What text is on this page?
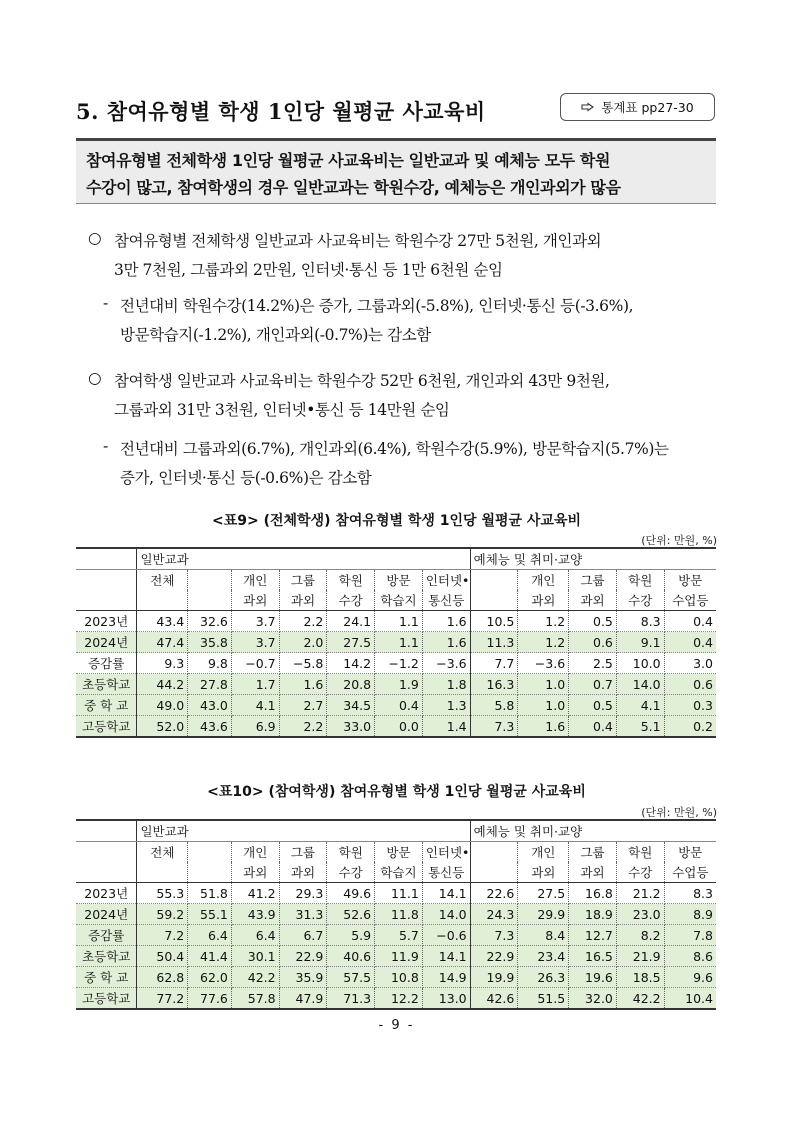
5. 참여유형별 학생 1인당 월평균 사교육비	통계표 pp27-30
참여유형별 전체학생 1인당 월평균 사교육비는 일반교과 및 예체능 모두 학원
수강이 많고, 참여학생의 경우 일반교과는 학원수강, 예체능은 개인과외가 많음
○ 참여유형별 전체학생 일반교과 사교육비는 학원수강 27만 5천원, 개인과외
3만 7천원, 그룹과외 2만원, 인터넷·통신 등 1만 6천원 순임
- 전년대비 학원수강(14.2%)은 증가, 그룹과외(-5.8%), 인터넷·통신 등(-3.6%),
방문학습지(-1.2%), 개인과외(-0.7%)는 감소함
○ 참여학생 일반교과 사교육비는 학원수강 52만 6천원, 개인과외 43만 9천원,
그룹과외 31만 3천원, 인터넷•통신 등 14만원 순임
- 전년대비 그룹과외(6.7%), 개인과외(6.4%), 학원수강(5.9%), 방문학습지(5.7%)는
증가, 인터넷·통신 등(-0.6%)은 감소함
<표9> (전체학생) 참여유형별 학생 1인당 월평균 사교육비
(단위: 만원, %)
	일반교과							예체능 및 취미·교양				
	전체		개인	그룹	학원	방문	인터넷•		개인	그룹	학원	방문
			과외	과외	수강	학습지	통신등		과외	과외	수강	수업등
2023년	43.4	32.6	3.7	2.2	24.1	1.1	1.6	10.5	1.2	0.5	8.3	0.4
2024년	47.4	35.8	3.7	2.0	27.5	1.1	1.6	11.3	1.2	0.6	9.1	0.4
증감률	9.3	9.8	−0.7	−5.8	14.2	−1.2	−3.6	7.7	−3.6	2.5	10.0	3.0
초등학교	44.2	27.8	1.7	1.6	20.8	1.9	1.8	16.3	1.0	0.7	14.0	0.6
중 학 교	49.0	43.0	4.1	2.7	34.5	0.4	1.3	5.8	1.0	0.5	4.1	0.3
고등학교	52.0	43.6	6.9	2.2	33.0	0.0	1.4	7.3	1.6	0.4	5.1	0.2
<표10> (참여학생) 참여유형별 학생 1인당 월평균 사교육비
(단위: 만원, %)
	일반교과							예체능 및 취미·교양				
	전체		개인	그룹	학원	방문	인터넷•		개인	그룹	학원	방문
			과외	과외	수강	학습지	통신등		과외	과외	수강	수업등
2023년	55.3	51.8	41.2	29.3	49.6	11.1	14.1	22.6	27.5	16.8	21.2	8.3
2024년	59.2	55.1	43.9	31.3	52.6	11.8	14.0	24.3	29.9	18.9	23.0	8.9
증감률	7.2	6.4	6.4	6.7	5.9	5.7	−0.6	7.3	8.4	12.7	8.2	7.8
초등학교	50.4	41.4	30.1	22.9	40.6	11.9	14.1	22.9	23.4	16.5	21.9	8.6
중 학 교	62.8	62.0	42.2	35.9	57.5	10.8	14.9	19.9	26.3	19.6	18.5	9.6
고등학교	77.2	77.6	57.8	47.9	71.3	12.2	13.0	42.6	51.5	32.0	42.2	10.4
- 9 -
